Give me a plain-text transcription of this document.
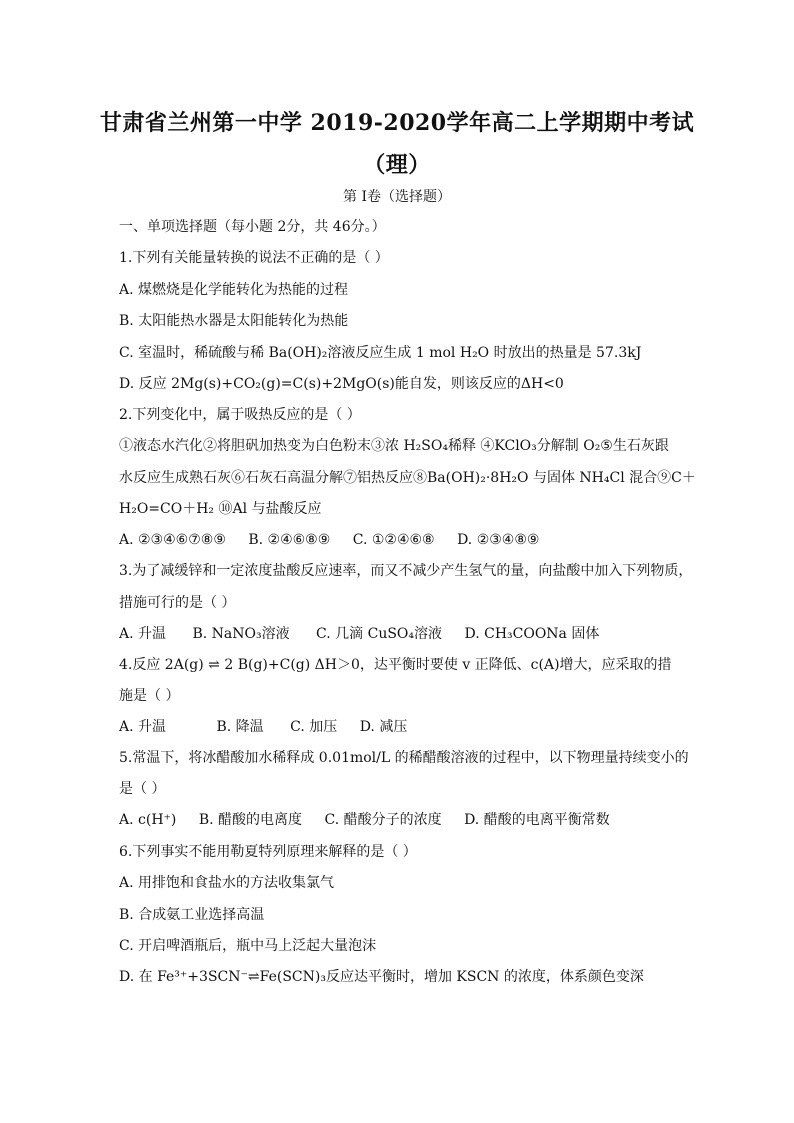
甘肃省兰州第一中学 2019-2020学年高二上学期期中考试
（理）
第 Ⅰ卷（选择题）
一、单项选择题（每小题 2分，共 46分。）
1.下列有关能量转换的说法不正确的是（ ）
A. 煤燃烧是化学能转化为热能的过程
B. 太阳能热水器是太阳能转化为热能
C. 室温时，稀硫酸与稀 Ba(OH)₂溶液反应生成 1 mol H₂O 时放出的热量是 57.3kJ
D. 反应 2Mg(s)+CO₂(g)=C(s)+2MgO(s)能自发，则该反应的ΔH<0
2.下列变化中，属于吸热反应的是（ ）
①液态水汽化②将胆矾加热变为白色粉末③浓 H₂SO₄稀释 ④KClO₃分解制 O₂⑤生石灰跟
水反应生成熟石灰⑥石灰石高温分解⑦铝热反应⑧Ba(OH)₂·8H₂O 与固体 NH₄Cl 混合⑨C＋
H₂O=CO＋H₂ ⑩Al 与盐酸反应
A. ②③④⑥⑦⑧⑨ B. ②④⑥⑧⑨ C. ①②④⑥⑧ D. ②③④⑧⑨
3.为了减缓锌和一定浓度盐酸反应速率，而又不减少产生氢气的量，向盐酸中加入下列物质，
措施可行的是（ ）
A. 升温 B. NaNO₃溶液 C. 几滴 CuSO₄溶液 D. CH₃COONa 固体
4.反应 2A(g) ⇌ 2 B(g)+C(g) ΔH＞0，达平衡时要使 v 正降低、c(A)增大，应采取的措
施是（ ）
A. 升温	B. 降温 C. 加压 D. 减压
5.常温下，将冰醋酸加水稀释成 0.01mol/L 的稀醋酸溶液的过程中，以下物理量持续变小的
是（ ）
A. c(H⁺) B. 醋酸的电离度 C. 醋酸分子的浓度 D. 醋酸的电离平衡常数
6.下列事实不能用勒夏特列原理来解释的是（ ）
A. 用排饱和食盐水的方法收集氯气
B. 合成氨工业选择高温
C. 开启啤酒瓶后，瓶中马上泛起大量泡沫
D. 在 Fe³⁺+3SCN⁻⇌Fe(SCN)₃反应达平衡时，增加 KSCN 的浓度，体系颜色变深
